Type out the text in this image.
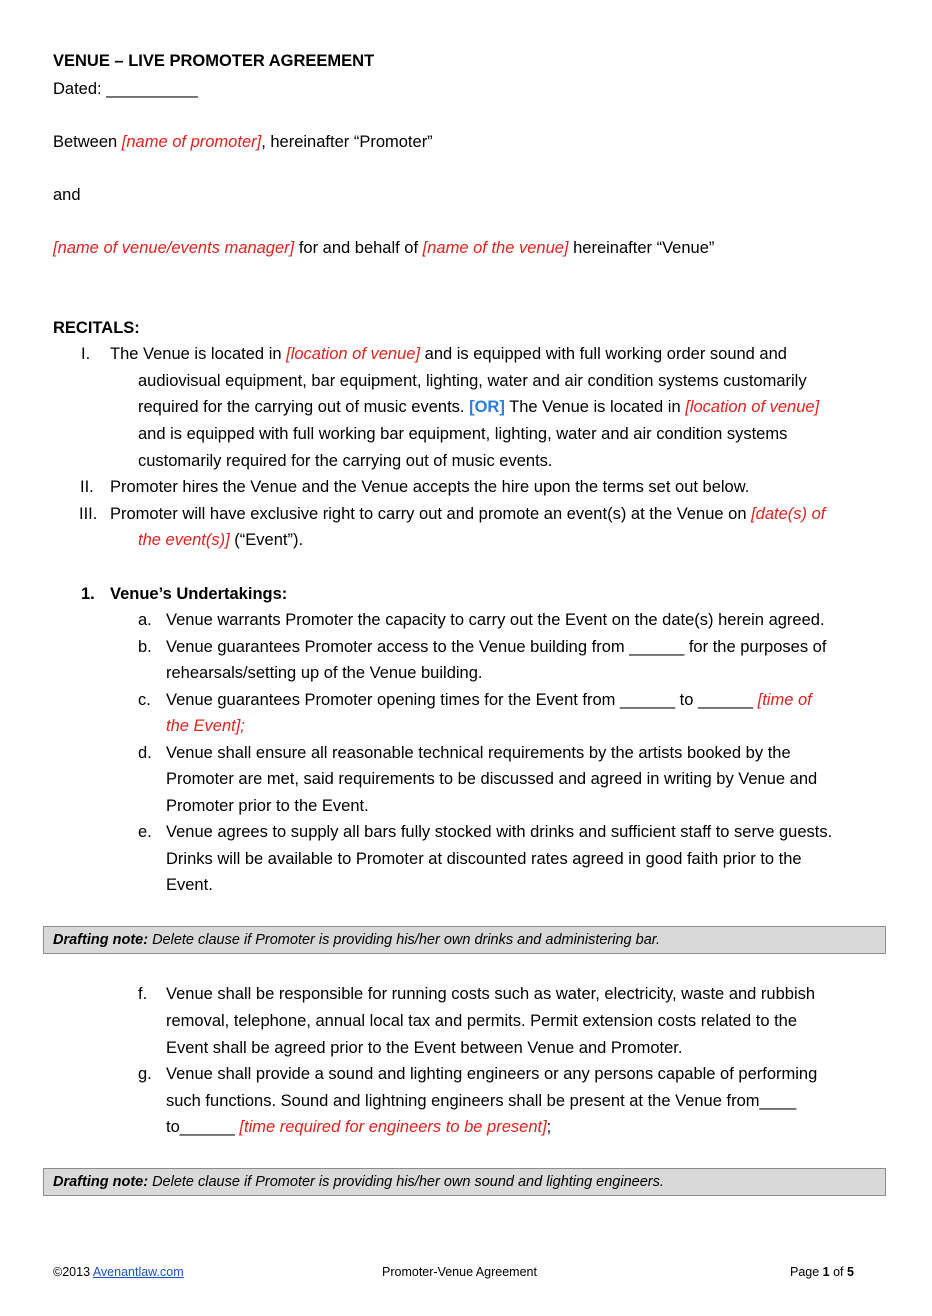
VENUE – LIVE PROMOTER AGREEMENT
Dated: __________
Between [name of promoter], hereinafter “Promoter”
and
[name of venue/events manager] for and behalf of [name of the venue] hereinafter “Venue”
RECITALS:
I. The Venue is located in [location of venue] and is equipped with full working order sound and
audiovisual equipment, bar equipment, lighting, water and air condition systems customarily
required for the carrying out of music events. [OR] The Venue is located in [location of venue]
and is equipped with full working bar equipment, lighting, water and air condition systems
customarily required for the carrying out of music events.
II. Promoter hires the Venue and the Venue accepts the hire upon the terms set out below.
III. Promoter will have exclusive right to carry out and promote an event(s) at the Venue on [date(s) of
the event(s)] (“Event”).
1. Venue’s Undertakings:
a. Venue warrants Promoter the capacity to carry out the Event on the date(s) herein agreed.
b. Venue guarantees Promoter access to the Venue building from ______ for the purposes of
rehearsals/setting up of the Venue building.
c. Venue guarantees Promoter opening times for the Event from ______ to ______ [time of
the Event];
d. Venue shall ensure all reasonable technical requirements by the artists booked by the
Promoter are met, said requirements to be discussed and agreed in writing by Venue and
Promoter prior to the Event.
e. Venue agrees to supply all bars fully stocked with drinks and sufficient staff to serve guests.
Drinks will be available to Promoter at discounted rates agreed in good faith prior to the
Event.
Drafting note: Delete clause if Promoter is providing his/her own drinks and administering bar.
f. Venue shall be responsible for running costs such as water, electricity, waste and rubbish
removal, telephone, annual local tax and permits. Permit extension costs related to the
Event shall be agreed prior to the Event between Venue and Promoter.
g. Venue shall provide a sound and lighting engineers or any persons capable of performing
such functions. Sound and lightning engineers shall be present at the Venue from____
to______ [time required for engineers to be present];
Drafting note: Delete clause if Promoter is providing his/her own sound and lighting engineers.
©2013 Avenantlaw.com	Promoter-Venue Agreement	Page 1 of 5
